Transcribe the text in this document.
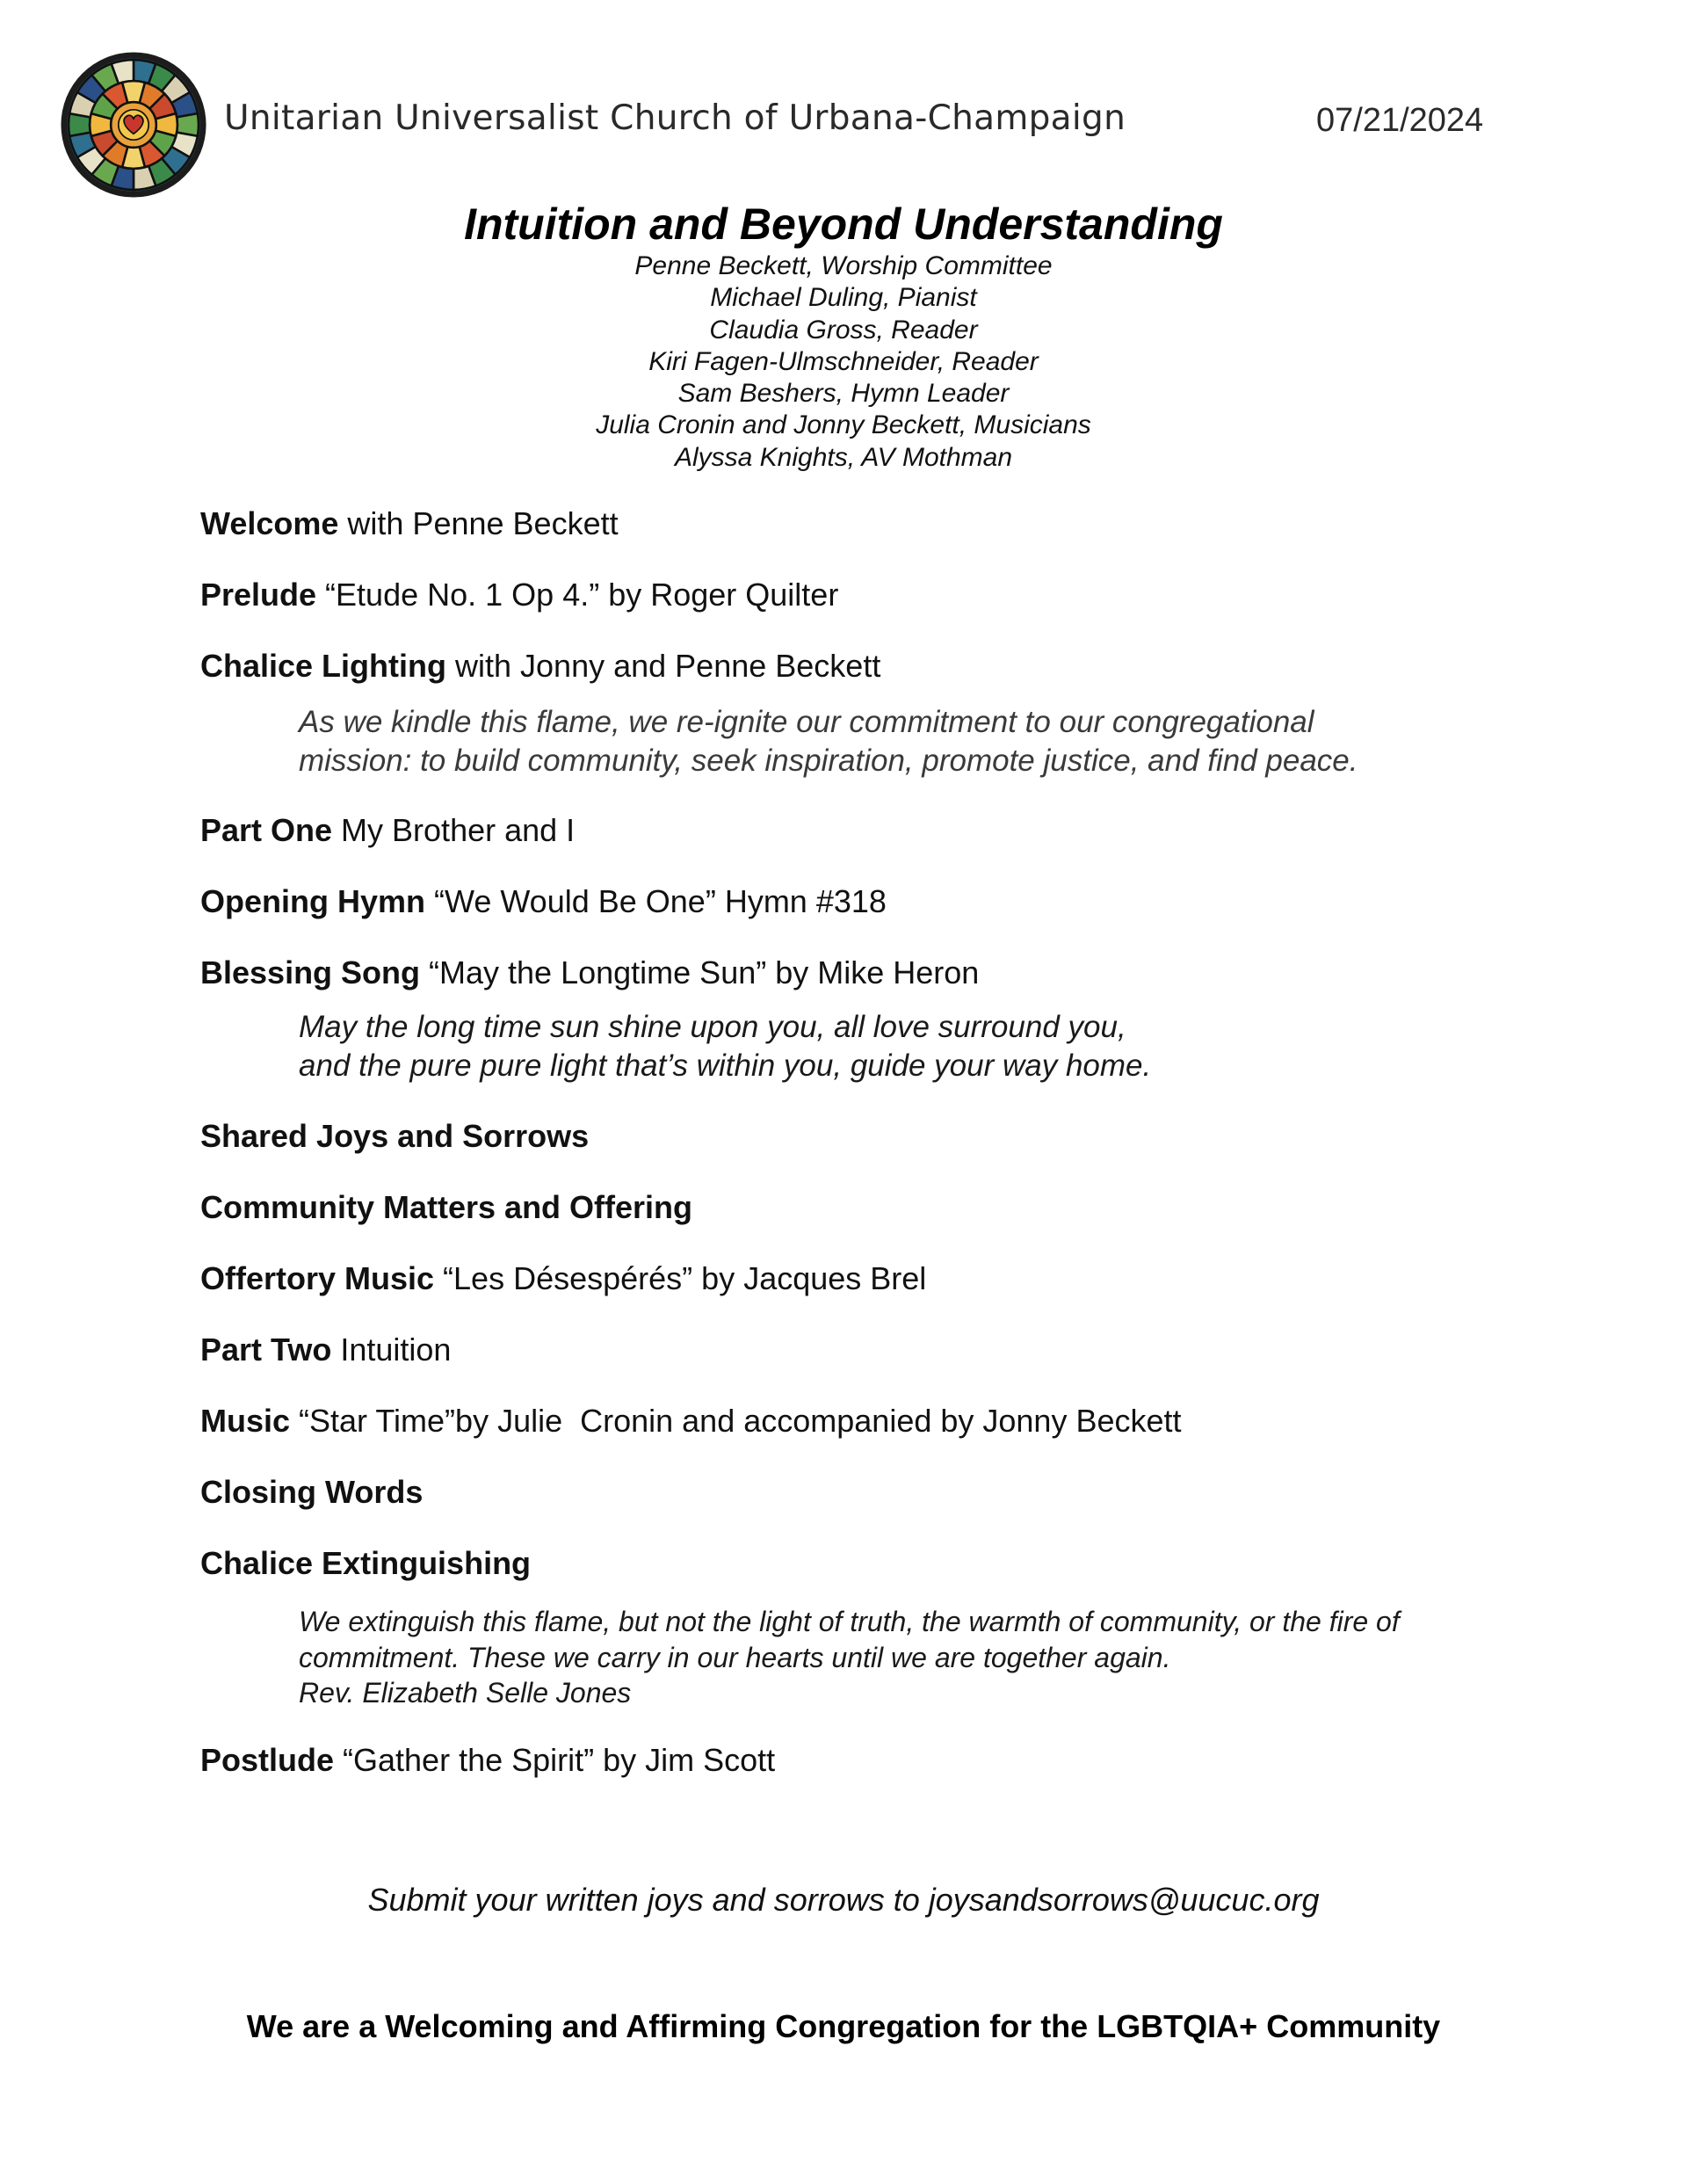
Unitarian Universalist Church of Urbana-Champaign	07/21/2024
Intuition and Beyond Understanding
Penne Beckett, Worship Committee
Michael Duling, Pianist
Claudia Gross, Reader
Kiri Fagen-Ulmschneider, Reader
Sam Beshers, Hymn Leader
Julia Cronin and Jonny Beckett, Musicians
Alyssa Knights, AV Mothman
Welcome with Penne Beckett
Prelude “Etude No. 1 Op 4.” by Roger Quilter
Chalice Lighting with Jonny and Penne Beckett
As we kindle this flame, we re-ignite our commitment to our congregational
mission: to build community, seek inspiration, promote justice, and find peace.
Part One My Brother and I
Opening Hymn “We Would Be One” Hymn #318
Blessing Song “May the Longtime Sun” by Mike Heron
May the long time sun shine upon you, all love surround you,
and the pure pure light that’s within you, guide your way home.
Shared Joys and Sorrows
Community Matters and Offering
Offertory Music “Les Désespérés” by Jacques Brel
Part Two Intuition
Music “Star Time”by Julie  Cronin and accompanied by Jonny Beckett
Closing Words
Chalice Extinguishing
We extinguish this flame, but not the light of truth, the warmth of community, or the fire of
commitment. These we carry in our hearts until we are together again.
Rev. Elizabeth Selle Jones
Postlude “Gather the Spirit” by Jim Scott
Submit your written joys and sorrows to joysandsorrows@uucuc.org
We are a Welcoming and Affirming Congregation for the LGBTQIA+ Community
